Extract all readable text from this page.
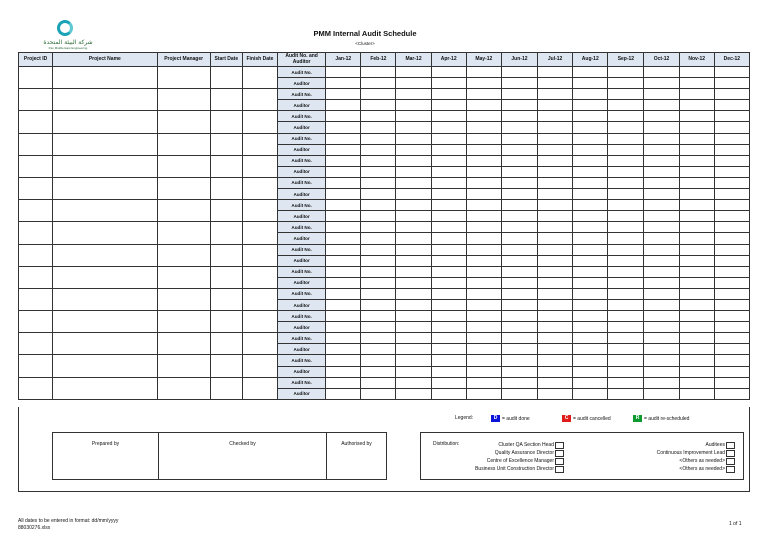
شركة البيئة المتحدة
Pan Middle East Engineering
PMM Internal Audit Schedule
<Cluster>
Project ID	Project Name	Project Manager	Start Date	Finish Date	Audit No. and Auditor	Jan-12	Feb-12	Mar-12	Apr-12	May-12	Jun-12	Jul-12	Aug-12	Sep-12	Oct-12	Nov-12	Dec-12
					Audit No.												
					Auditor												
					Audit No.												
					Auditor												
					Audit No.												
					Auditor												
					Audit No.												
					Auditor												
					Audit No.												
					Auditor												
					Audit No.												
					Auditor												
					Audit No.												
					Auditor												
					Audit No.												
					Auditor												
					Audit No.												
					Auditor												
					Audit No.												
					Auditor												
					Audit No.												
					Auditor												
					Audit No.												
					Auditor												
					Audit No.												
					Auditor												
					Audit No.												
					Auditor												
					Audit No.												
					Auditor												
Legend:	D = audit done	C = audit cancelled	R = audit re-scheduled
Prepared by	Checked by	Authorised by	Distribution:	Cluster QA Section Head
Quality Assurance Director
Centre of Excellence Manager
Business Unit Construction Director
Auditees
Continuous Improvement Lead
<Others as needed>
<Others as needed>
All dates to be entered in format: dd/mm/yyyy
88030276.xlsx
1 of 1
